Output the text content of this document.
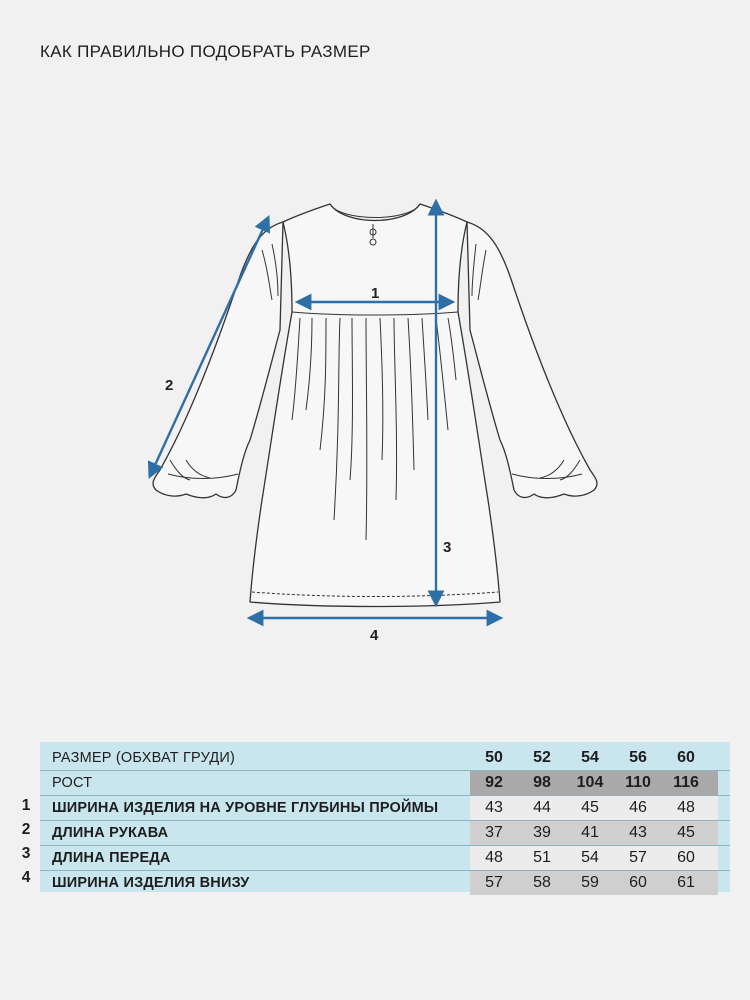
КАК ПРАВИЛЬНО ПОДОБРАТЬ РАЗМЕР
1
2
3
4
1
2
3
4
РАЗМЕР (ОБХВАТ ГРУДИ)	50	52	54	56	60
РОСТ	92	98	104	110	116
ШИРИНА ИЗДЕЛИЯ НА УРОВНЕ ГЛУБИНЫ ПРОЙМЫ	43	44	45	46	48
ДЛИНА РУКАВА	37	39	41	43	45
ДЛИНА ПЕРЕДА	48	51	54	57	60
ШИРИНА ИЗДЕЛИЯ ВНИЗУ	57	58	59	60	61
